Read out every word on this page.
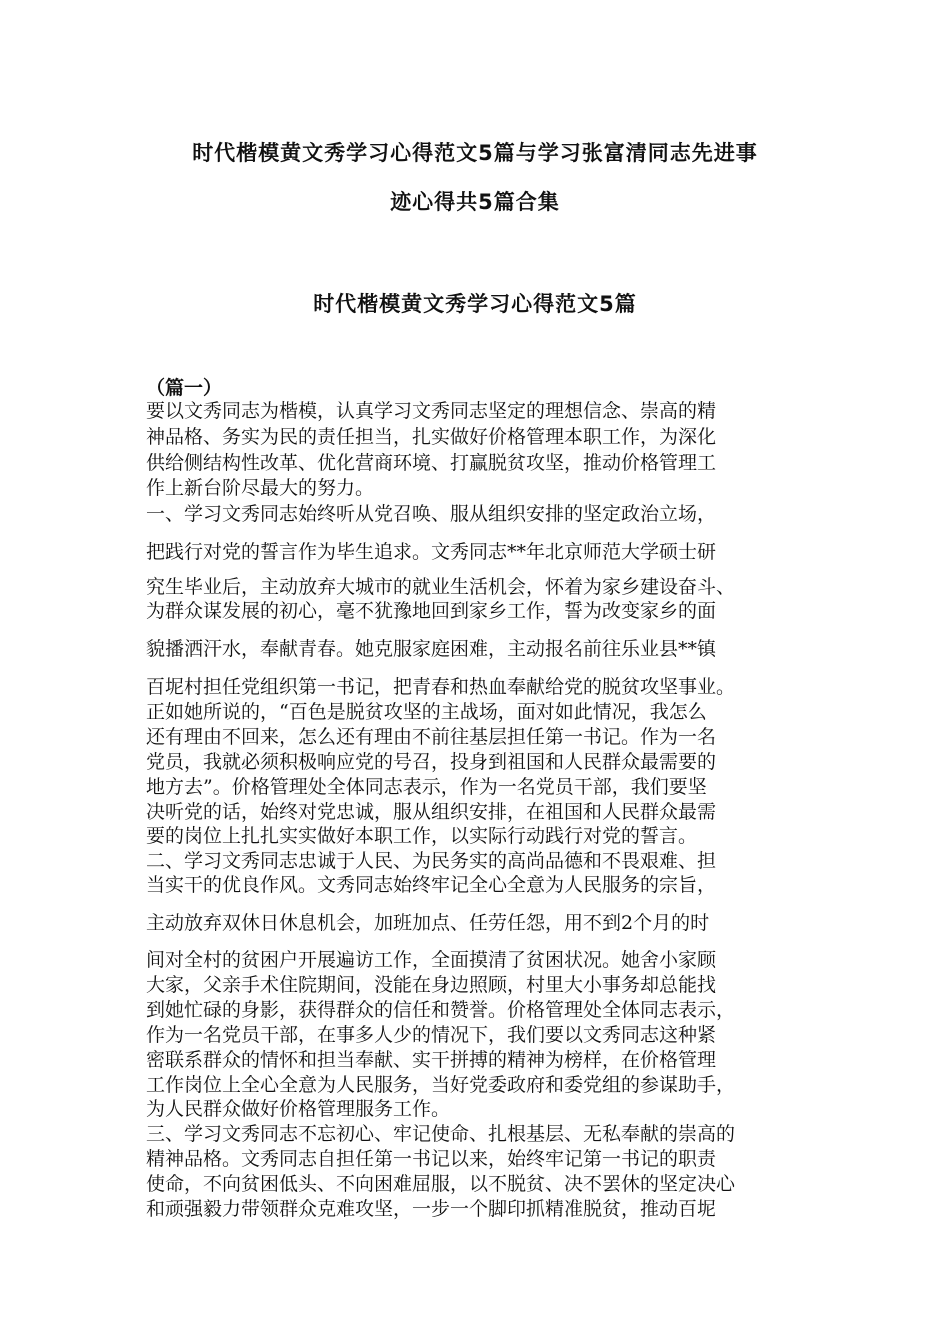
时代楷模黄文秀学习心得范文5篇与学习张富清同志先进事
迹心得共5篇合集
时代楷模黄文秀学习心得范文5篇
（篇一）
要以文秀同志为楷模，认真学习文秀同志坚定的理想信念、崇高的精
神品格、务实为民的责任担当，扎实做好价格管理本职工作，为深化
供给侧结构性改革、优化营商环境、打赢脱贫攻坚，推动价格管理工
作上新台阶尽最大的努力。
一、学习文秀同志始终听从党召唤、服从组织安排的坚定政治立场，
把践行对党的誓言作为毕生追求。文秀同志**年北京师范大学硕士研
究生毕业后，主动放弃大城市的就业生活机会，怀着为家乡建设奋斗、
为群众谋发展的初心，毫不犹豫地回到家乡工作，誓为改变家乡的面
貌播洒汗水，奉献青春。她克服家庭困难，主动报名前往乐业县**镇
百坭村担任党组织第一书记，把青春和热血奉献给党的脱贫攻坚事业。
正如她所说的，“百色是脱贫攻坚的主战场，面对如此情况，我怎么
还有理由不回来，怎么还有理由不前往基层担任第一书记。作为一名
党员，我就必须积极响应党的号召，投身到祖国和人民群众最需要的
地方去”。价格管理处全体同志表示，作为一名党员干部，我们要坚
决听党的话，始终对党忠诚，服从组织安排，在祖国和人民群众最需
要的岗位上扎扎实实做好本职工作，以实际行动践行对党的誓言。
二、学习文秀同志忠诚于人民、为民务实的高尚品德和不畏艰难、担
当实干的优良作风。文秀同志始终牢记全心全意为人民服务的宗旨，
主动放弃双休日休息机会，加班加点、任劳任怨，用不到2个月的时
间对全村的贫困户开展遍访工作，全面摸清了贫困状况。她舍小家顾
大家，父亲手术住院期间，没能在身边照顾，村里大小事务却总能找
到她忙碌的身影，获得群众的信任和赞誉。价格管理处全体同志表示，
作为一名党员干部，在事多人少的情况下，我们要以文秀同志这种紧
密联系群众的情怀和担当奉献、实干拼搏的精神为榜样，在价格管理
工作岗位上全心全意为人民服务，当好党委政府和委党组的参谋助手，
为人民群众做好价格管理服务工作。
三、学习文秀同志不忘初心、牢记使命、扎根基层、无私奉献的崇高的
精神品格。文秀同志自担任第一书记以来，始终牢记第一书记的职责
使命，不向贫困低头、不向困难屈服，以不脱贫、决不罢休的坚定决心
和顽强毅力带领群众克难攻坚，一步一个脚印抓精准脱贫，推动百坭
